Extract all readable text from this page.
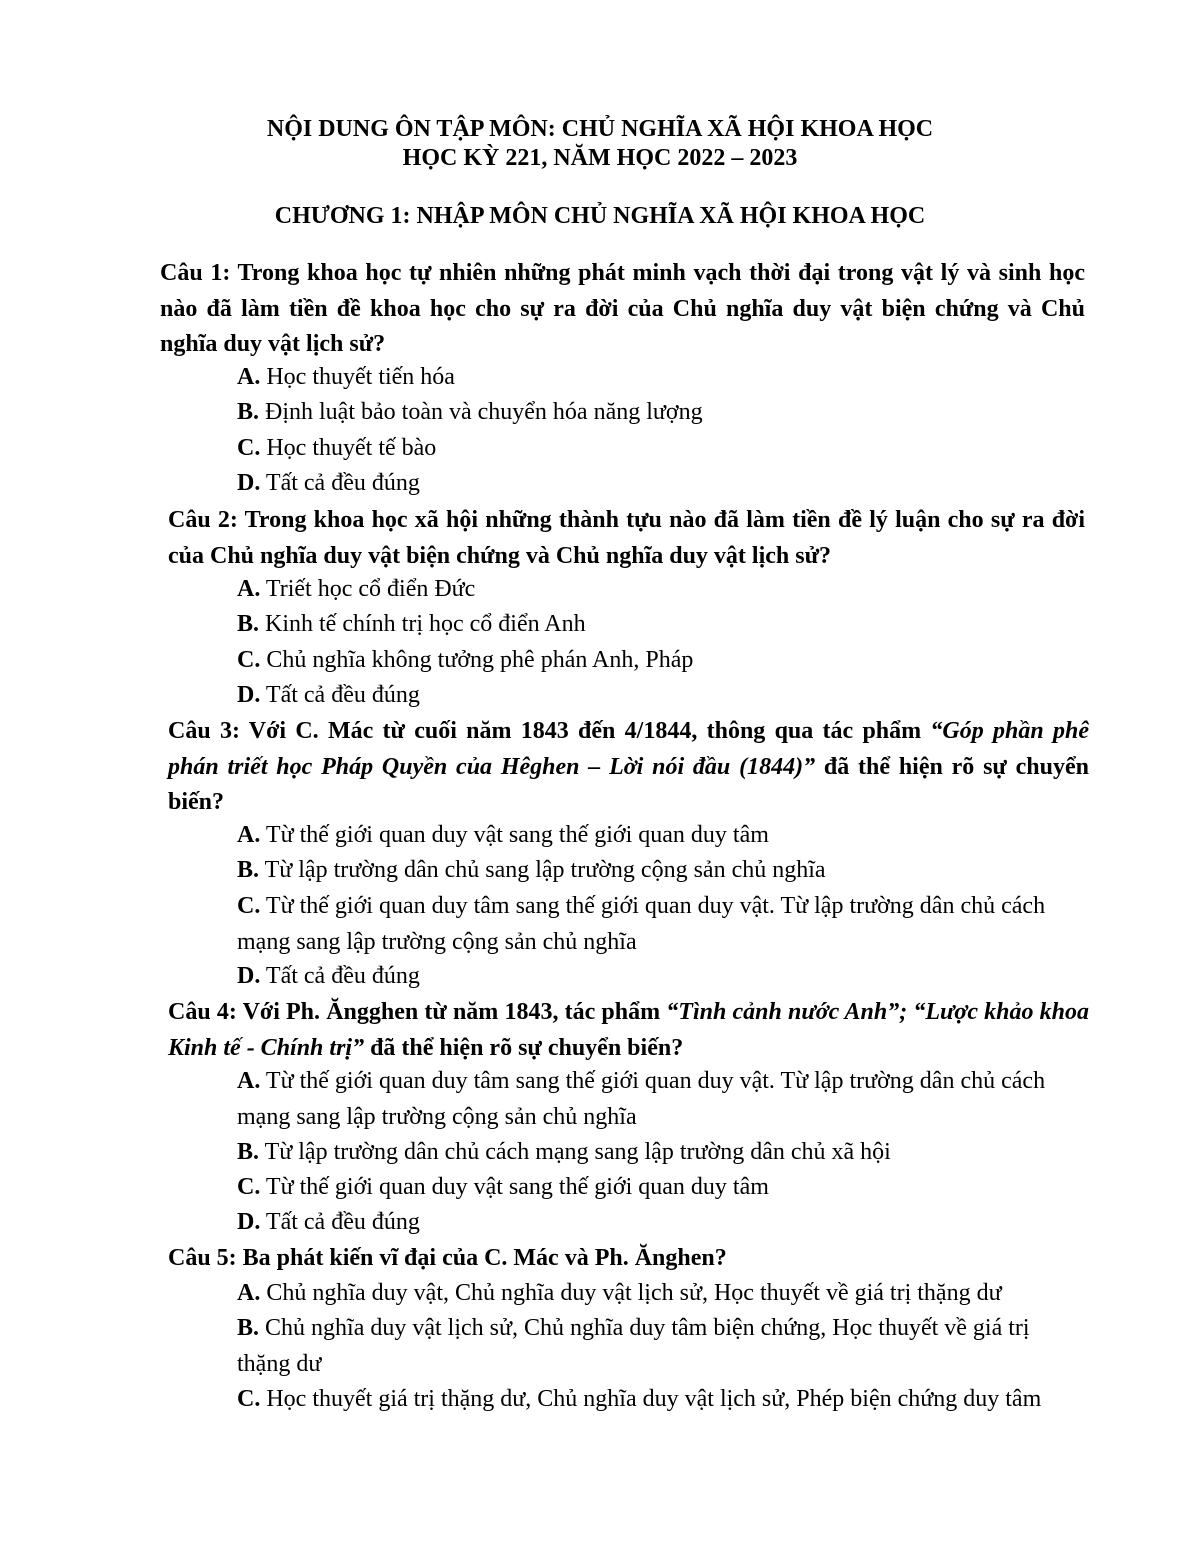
NỘI DUNG ÔN TẬP MÔN: CHỦ NGHĨA XÃ HỘI KHOA HỌC
HỌC KỲ 221, NĂM HỌC 2022 – 2023
CHƯƠNG 1: NHẬP MÔN CHỦ NGHĨA XÃ HỘI KHOA HỌC
Câu 1: Trong khoa học tự nhiên những phát minh vạch thời đại trong vật lý và sinh học nào đã làm tiền đề khoa học cho sự ra đời của Chủ nghĩa duy vật biện chứng và Chủ nghĩa duy vật lịch sử?
A. Học thuyết tiến hóa
B. Định luật bảo toàn và chuyển hóa năng lượng
C. Học thuyết tế bào
D. Tất cả đều đúng
Câu 2: Trong khoa học xã hội những thành tựu nào đã làm tiền đề lý luận cho sự ra đời của Chủ nghĩa duy vật biện chứng và Chủ nghĩa duy vật lịch sử?
A. Triết học cổ điển Đức
B. Kinh tế chính trị học cổ điển Anh
C. Chủ nghĩa không tưởng phê phán Anh, Pháp
D. Tất cả đều đúng
Câu 3: Với C. Mác từ cuối năm 1843 đến 4/1844, thông qua tác phẩm “Góp phần phê phán triết học Pháp Quyền của Hêghen – Lời nói đầu (1844)” đã thể hiện rõ sự chuyển biến?
A. Từ thế giới quan duy vật sang thế giới quan duy tâm
B. Từ lập trường dân chủ sang lập trường cộng sản chủ nghĩa
C. Từ thế giới quan duy tâm sang thế giới quan duy vật. Từ lập trường dân chủ cách mạng sang lập trường cộng sản chủ nghĩa
D. Tất cả đều đúng
Câu 4: Với Ph. Ăngghen từ năm 1843, tác phẩm “Tình cảnh nước Anh”; “Lược khảo khoa Kinh tế - Chính trị” đã thể hiện rõ sự chuyển biến?
A. Từ thế giới quan duy tâm sang thế giới quan duy vật. Từ lập trường dân chủ cách mạng sang lập trường cộng sản chủ nghĩa
B. Từ lập trường dân chủ cách mạng sang lập trường dân chủ xã hội
C. Từ thế giới quan duy vật sang thế giới quan duy tâm
D. Tất cả đều đúng
Câu 5: Ba phát kiến vĩ đại của C. Mác và Ph. Ănghen?
A. Chủ nghĩa duy vật, Chủ nghĩa duy vật lịch sử, Học thuyết về giá trị thặng dư
B. Chủ nghĩa duy vật lịch sử, Chủ nghĩa duy tâm biện chứng, Học thuyết về giá trị thặng dư
C. Học thuyết giá trị thặng dư, Chủ nghĩa duy vật lịch sử, Phép biện chứng duy tâm
